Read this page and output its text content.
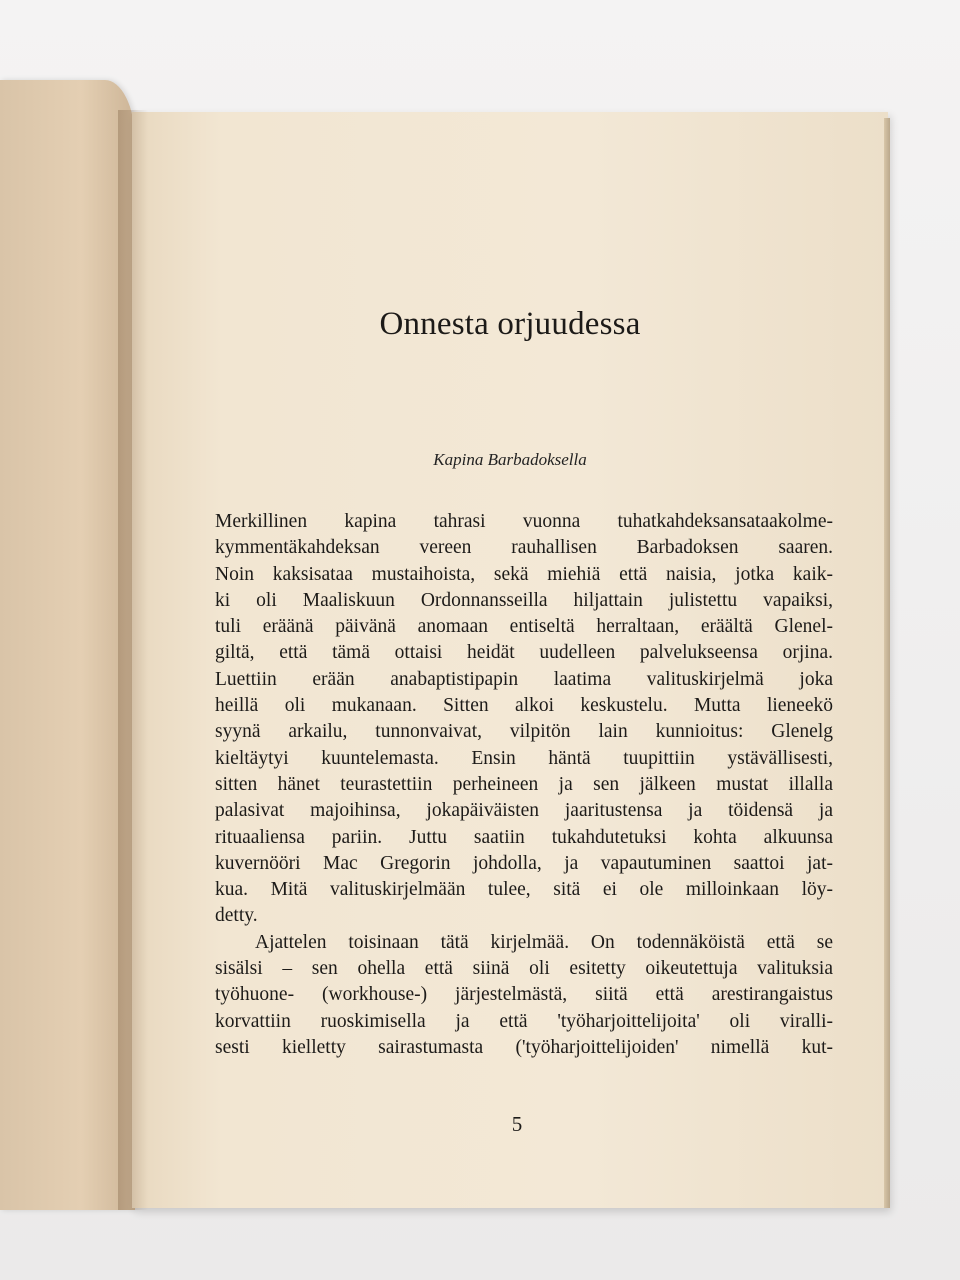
Onnesta orjuudessa
Kapina Barbadoksella
Merkillinen kapina tahrasi vuonna tuhatkahdeksansataakolme-
kymmentäkahdeksan vereen rauhallisen Barbadoksen saaren.
Noin kaksisataa mustaihoista, sekä miehiä että naisia, jotka kaik-
ki oli Maaliskuun Ordonnansseilla hiljattain julistettu vapaiksi,
tuli eräänä päivänä anomaan entiseltä herraltaan, eräältä Glenel-
giltä, että tämä ottaisi heidät uudelleen palvelukseensa orjina.
Luettiin erään anabaptistipapin laatima valituskirjelmä joka
heillä oli mukanaan. Sitten alkoi keskustelu. Mutta lieneekö
syynä arkailu, tunnonvaivat, vilpitön lain kunnioitus: Glenelg
kieltäytyi kuuntelemasta. Ensin häntä tuupittiin ystävällisesti,
sitten hänet teurastettiin perheineen ja sen jälkeen mustat illalla
palasivat majoihinsa, jokapäiväisten jaaritustensa ja töidensä ja
rituaaliensa pariin. Juttu saatiin tukahdutetuksi kohta alkuunsa
kuvernööri Mac Gregorin johdolla, ja vapautuminen saattoi jat-
kua. Mitä valituskirjelmään tulee, sitä ei ole milloinkaan löy-
detty.
Ajattelen toisinaan tätä kirjelmää. On todennäköistä että se
sisälsi – sen ohella että siinä oli esitetty oikeutettuja valituksia
työhuone- (workhouse-) järjestelmästä, siitä että arestirangaistus
korvattiin ruoskimisella ja että 'työharjoittelijoita' oli viralli-
sesti kielletty sairastumasta ('työharjoittelijoiden' nimellä kut-
5
